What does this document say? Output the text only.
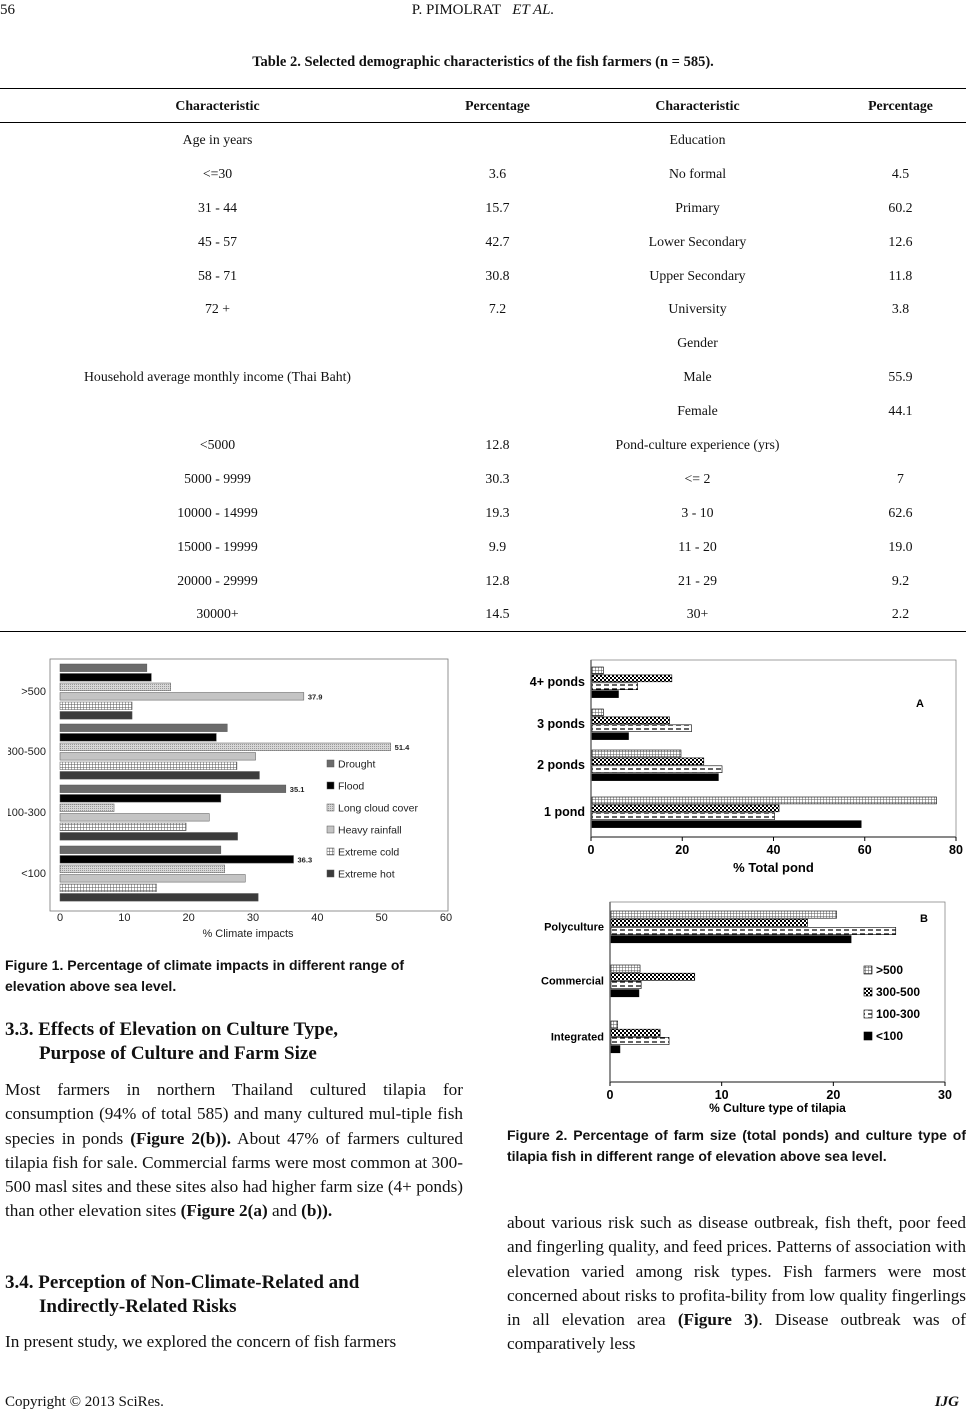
56	P. PIMOLRAT ET AL.
Table 2. Selected demographic characteristics of the fish farmers (n = 585).
Characteristic	Percentage	Characteristic	Percentage
Age in years		Education	
<=30	3.6	No formal	4.5
31 - 44	15.7	Primary	60.2
45 - 57	42.7	Lower Secondary	12.6
58 - 71	30.8	Upper Secondary	11.8
72 +	7.2	University	3.8
		Gender	
Household average monthly income (Thai Baht)		Male	55.9
		Female	44.1
<5000	12.8	Pond-culture experience (yrs)	
5000 - 9999	30.3	<= 2	7
10000 - 14999	19.3	3 - 10	62.6
15000 - 19999	9.9	11 - 20	19.0
20000 - 29999	12.8	21 - 29	9.2
30000+	14.5	30+	2.2
>500
300-500
100-300
<100
37.9
51.4
35.1
36.3
0	10	20	30	40	50	60
% Climate impacts
Drought
Flood
Long cloud cover
Heavy rainfall
Extreme cold
Extreme hot
Figure 1. Percentage of climate impacts in different range of elevation above sea level.
3.3. Effects of Elevation on Culture Type,
Purpose of Culture and Farm Size
Most farmers in northern Thailand cultured tilapia for consumption (94% of total 585) and many cultured mul-tiple fish species in ponds (Figure 2(b)). About 47% of farmers cultured tilapia fish for sale. Commercial farms were most common at 300-500 masl sites and these sites also had higher farm size (4+ ponds) than other elevation sites (Figure 2(a) and (b)).
3.4. Perception of Non-Climate-Related and
Indirectly-Related Risks
In present study, we explored the concern of fish farmers
4+ ponds
3 ponds
2 ponds
1 pond
0	20	40	60	80
% Total pond
A
Polyculture
Commercial
Integrated
0	10	20	30
% Culture type of tilapia
B
>500
300-500
100-300
<100
Figure 2. Percentage of farm size (total ponds) and culture type of tilapia fish in different range of elevation above sea level.
about various risk such as disease outbreak, fish theft, poor feed and fingerling quality, and feed prices. Patterns of association with elevation varied among risk types. Fish farmers were most concerned about risks to profita-bility from low quality fingerlings in all elevation area (Figure 3). Disease outbreak was of comparatively less
Copyright © 2013 SciRes.	IJG
